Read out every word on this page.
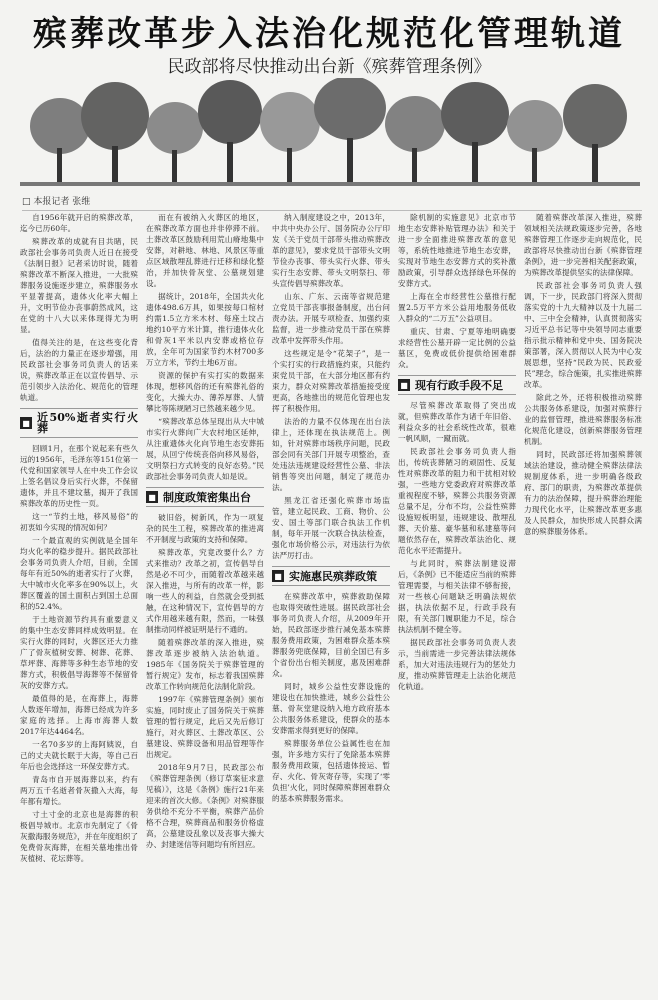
殡葬改革步入法治化规范化管理轨道
民政部将尽快推动出台新《殡葬管理条例》
□ 本报记者 张维

自1956年就开启的殡葬改革，迄今已历60年。

殡葬改革的成就有目共睹，民政部社会事务司负责人近日在接受《法制日报》记者采访时说，随着殡葬改革不断深入推进，一大批殡葬服务设施逐步建立，殡葬服务水平显著提高，遗体火化率大幅上升，文明节俭办丧事蔚然成风，这在党的十八大以来体现得尤为明显。

值得关注的是，在这些变化背后，法治的力量正在逐步增强，用民政部社会事务司负责人的话来说，殡葬改革正在以宣传倡导、示范引领步入法治化、规范化的管理轨道。

■ 近50%逝者实行火葬

回顾1月，在那个说起来有些久远的1956年，毛泽东等151位第一代党和国家领导人在中央工作会议上签名倡议身后实行火葬，不保留遗体，并且不建坟墓，揭开了我国殡葬改革的历史性一页。

这一“节约土地，移风易俗”的初衷如今实现的情况如何？

一个最直观的实例就是全国年均火化率的稳步提升。据民政部社会事务司负责人介绍，目前，全国每年有近50%的逝者实行了火葬，大中城市火化率多在90%以上，火葬区覆盖的国土面积占到国土总面积的52.4%。

于土地资源节约具有重要意义的集中生态安葬同样成效明显。在实行火葬的同时，火葬区还大力推广了骨灰植树安葬、树葬、花葬、草坪葬、海葬等多种生态节地的安葬方式，积极倡导海葬等不保留骨灰的安葬方式。

最值得的是，在海葬上，海葬人数逐年增加，海葬已经成为许多家庭的选择。上海市海葬人数2017年达4464名。

一名70多岁的上海阿姨说，自己的丈夫就长眠于大海，等自己百年后也会选择这一环保安葬方式。

青岛市自开展海葬以来，约有两万五千名逝者骨灰撒入大海，每年都有增长。

寸土寸金的北京也是海葬的积极倡导城市。北京市先制定了《骨灰撒海服务规范》，并在年度组织了免费骨灰海葬，在相关墓地推出骨灰植树、花坛葬等。

而在有被纳入火葬区的地区，在殡葬改革方面也并非停滞不前。土葬改革区鼓励利用荒山瘠地集中安葬，对耕地、林地、风景区等重点区域散埋乱葬进行迁移和绿化整治，并加快骨灰堂、公墓规划建设。

据统计，2018年，全国共火化遗体498.6万具，如果按每口棺材约需1.5立方米木材、每座土坟占地约10平方米计算，推行遗体火化和骨灰1平米以内安葬或格位存放，全年可为国家节约木材700多万立方米，节约土地6万亩。

资源的保护有实打实的数据来体现，想移风俗的还有殡葬礼俗的变化，大操大办、薄养厚葬、人情攀比等陈规陋习已然越来越少见。

“殡葬改革总体呈现出从大中城市实行火葬向广大农村地区延伸，从注重遗体火化向节地生态安葬拓展，从回宁传统丧俗向移风易俗，文明祭扫方式转变的良好态势。”民政部社会事务司负责人如是说。

■ 制度政策密集出台

破旧俗，树新风，作为一项复杂的民生工程，殡葬改革的推进离不开制度与政策的支持和保障。

殡葬改革，究竟改要什么？方式来推动？改革之初，宣传倡导自然是必不可少，而随着改革越来越深入推进，与所有的改革一样，影响一些人的利益，自然就会受到抵触，在这种情况下，宣传倡导的方式作用越来越有限，然而，一味强制推动同样被证明是行不通的。

随着殡葬改革的深入推进，殡葬改革逐步被纳入法治轨道。1985年《国务院关于殡葬管理的暂行规定》发布，标志着我国殡葬改革工作转向规范化法制化阶段。

1997年《殡葬管理条例》颁布实施，同时废止了国务院关于殡葬管理的暂行规定，此后又先后修订施行，对火葬区、土葬改革区、公墓建设、殡葬设备和用品管理等作出规定。

2018年9月7日，民政部公布《殡葬管理条例（修订草案征求意见稿）》，这是《条例》施行21年来迎来的首次大修。《条例》对殡葬服务供给不充分不平衡，殡葬产品价格不合理，殡葬商品和服务价格虚高，公墓建设乱象以及丧事大操大办、封建迷信等问题均有所回应。

纳入制度建设之中，2013年，中共中央办公厅、国务院办公厅印发《关于党员干部带头推动殡葬改革的意见》，要求党员干部带头文明节俭办丧事、带头实行火葬、带头实行生态安葬、带头文明祭扫、带头宣传倡导殡葬改革。

山东、广东、云南等省规范建立党员干部丧事报备制度，出台问责办法。开展专项检查、加强约束监督，进一步推动党员干部在殡葬改革中发挥带头作用。

这些规定是令“花架子”，是一个实打实的行政措施约束，只能约束党员干部，在大部分地区都有约束力，群众对殡葬改革措施接受度更高，各地推出的规范化管理也发挥了积极作用。

法治的力量不仅体现在出台法律上，还体现在执法规范上。例如，针对殡葬市场秩序问题，民政部会同有关部门开展专项整治，查处违法违规建设经营性公墓、非法销售等突出问题，制定了规范办法。

黑龙江省还强化殡葬市场监管，建立起民政、工商、物价、公安、国土等部门联合执法工作机制，每年开展一次联合执法检查，强化市场价格公示，对违法行为依法严厉打击。

■ 实施惠民殡葬政策

在殡葬改革中，殡葬救助保障也取得突破性进展。据民政部社会事务司负责人介绍，从2009年开始，民政部逐步推行减免基本殡葬服务费用政策，为困难群众基本殡葬服务兜底保障，目前全国已有多个省份出台相关制度，惠及困难群众。

同时，城乡公益性安葬设施的建设也在加快推进，城乡公益性公墓、骨灰堂建设纳入地方政府基本公共服务体系建设，使群众的基本安葬需求得到更好的保障。

殡葬服务单位公益属性也在加强，许多地方实行了免除基本殡葬服务费用政策，包括遗体接运、暂存、火化、骨灰寄存等，实现了‘零负担’火化，同时保障殡葬困难群众的基本殡葬服务需求。

除机制的实施意见》北京市节地生态安葬补贴管理办法》和关于进一步全面推进殡葬改革的意见等，系统性地推进节地生态安葬，实现对节地生态安葬方式的奖补激励政策，引导群众选择绿色环保的安葬方式。

上海在全市经营性公墓推行配置2.5万平方米公益用地服务低收入群众的“二万五”公益项目。

重庆、甘肃、宁夏等地明确要求经营性公墓开辟一定比例的公益墓区，免费或低价提供给困难群众。

■ 现有行政手段不足

尽管殡葬改革取得了突出成就，但殡葬改革作为诸千年旧俗、利益众多的社会系统性改革，很难一帆风顺，一蹴而就。

民政部社会事务司负责人指出，传统丧葬陋习的顽固性、反复性对殡葬改革的阻力和干扰相对较强，一些地方党委政府对殡葬改革重视程度不够，殡葬公共服务资源总量不足，分布不均，公益性殡葬设施短板明显，违规建设、散埋乱葬、天价墓、豪华墓和私建墓等问题依然存在，殡葬改革法治化、规范化水平还需提升。

与此同时，殡葬法制建设滞后，《条例》已不能适应当前的殡葬管理需要，与相关法律不够衔接，对一些核心问题缺乏明确法规依据，执法依据不足，行政手段有限，有关部门履职能力不足，综合执法机制不健全等。

据民政部社会事务司负责人表示，当前需进一步完善法律法规体系，加大对违法违规行为的惩处力度，推动殡葬管理走上法治化规范化轨道。

随着殡葬改革深入推进，殡葬领域相关法规政策逐步完善，各地殡葬管理工作逐步走向规范化，民政部将尽快推动出台新《殡葬管理条例》，进一步完善相关配套政策，为殡葬改革提供坚实的法律保障。

民政部社会事务司负责人强调，下一步，民政部门将深入贯彻落实党的十九大精神以及十九届二中、三中全会精神，认真贯彻落实习近平总书记等中央领导同志重要指示批示精神和党中央、国务院决策部署，深入贯彻以人民为中心发展思想，坚持“民政为民、民政爱民”理念，综合施策，扎实推进殡葬改革。

除此之外，还将积极推动殡葬公共服务体系建设，加强对殡葬行业的监督管理，推进殡葬服务标准化规范化建设，创新殡葬服务管理机制。

同时，民政部还将加强殡葬领域法治建设，推动健全殡葬法律法规制度体系，进一步明确各级政府、部门的职责，为殡葬改革提供有力的法治保障，提升殡葬治理能力现代化水平，让殡葬改革更多惠及人民群众，加快形成人民群众满意的殡葬服务体系。
